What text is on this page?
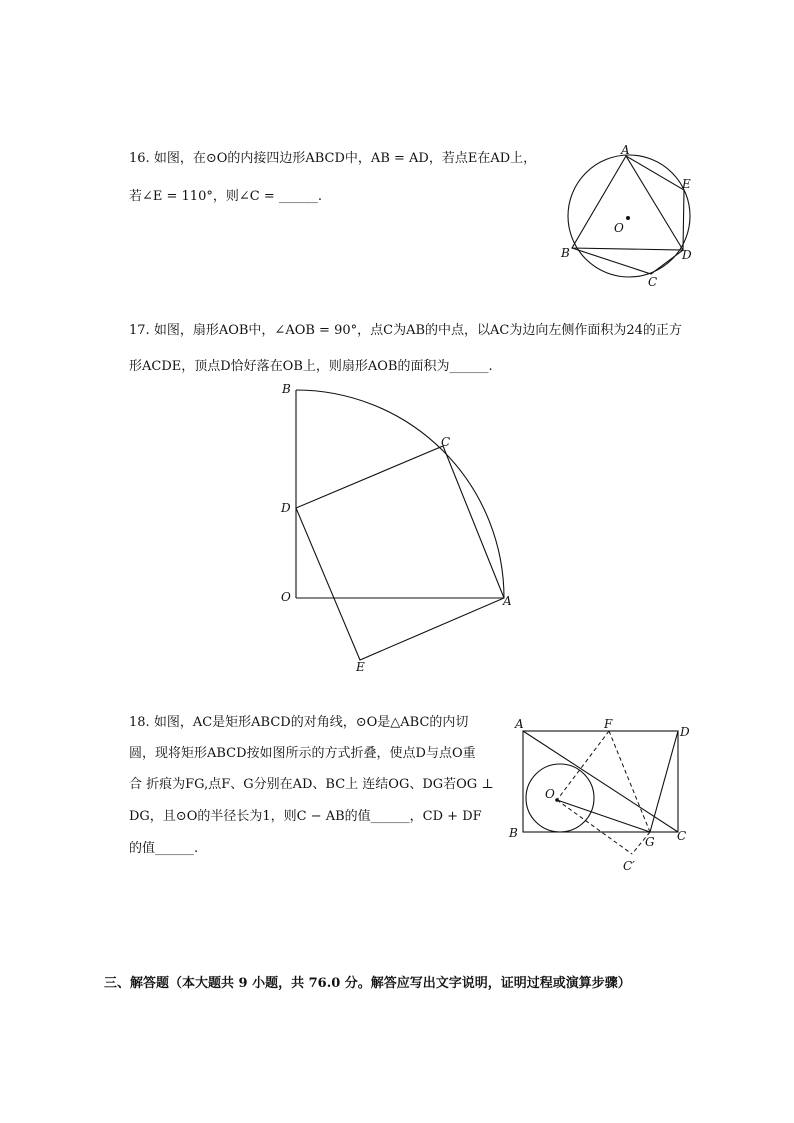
16. 如图，在⊙O的内接四边形ABCD中，AB = AD，若点E在AD上，
若∠E = 110°，则∠C = ______.
A
E
O
B	D
C
17. 如图，扇形AOB中，∠AOB = 90°，点C为AB的中点，以AC为边向左侧作面积为24的正方
形ACDE，顶点D恰好落在OB上，则扇形AOB的面积为______.
B
C
D
O	A
E
18. 如图，AC是矩形ABCD的对角线，⊙O是△ABC的内切
圆，现将矩形ABCD按如图所示的方式折叠，使点D与点O重
合 折痕为FG,点F、G分别在AD、BC上 连结OG、DG若OG ⊥
DG，且⊙O的半径长为1，则C − AB的值______，CD + DF
的值______.
A	F
D
O
B
G C
C′
三、解答题（本大题共 9 小题，共 76.0 分。解答应写出文字说明，证明过程或演算步骤）
